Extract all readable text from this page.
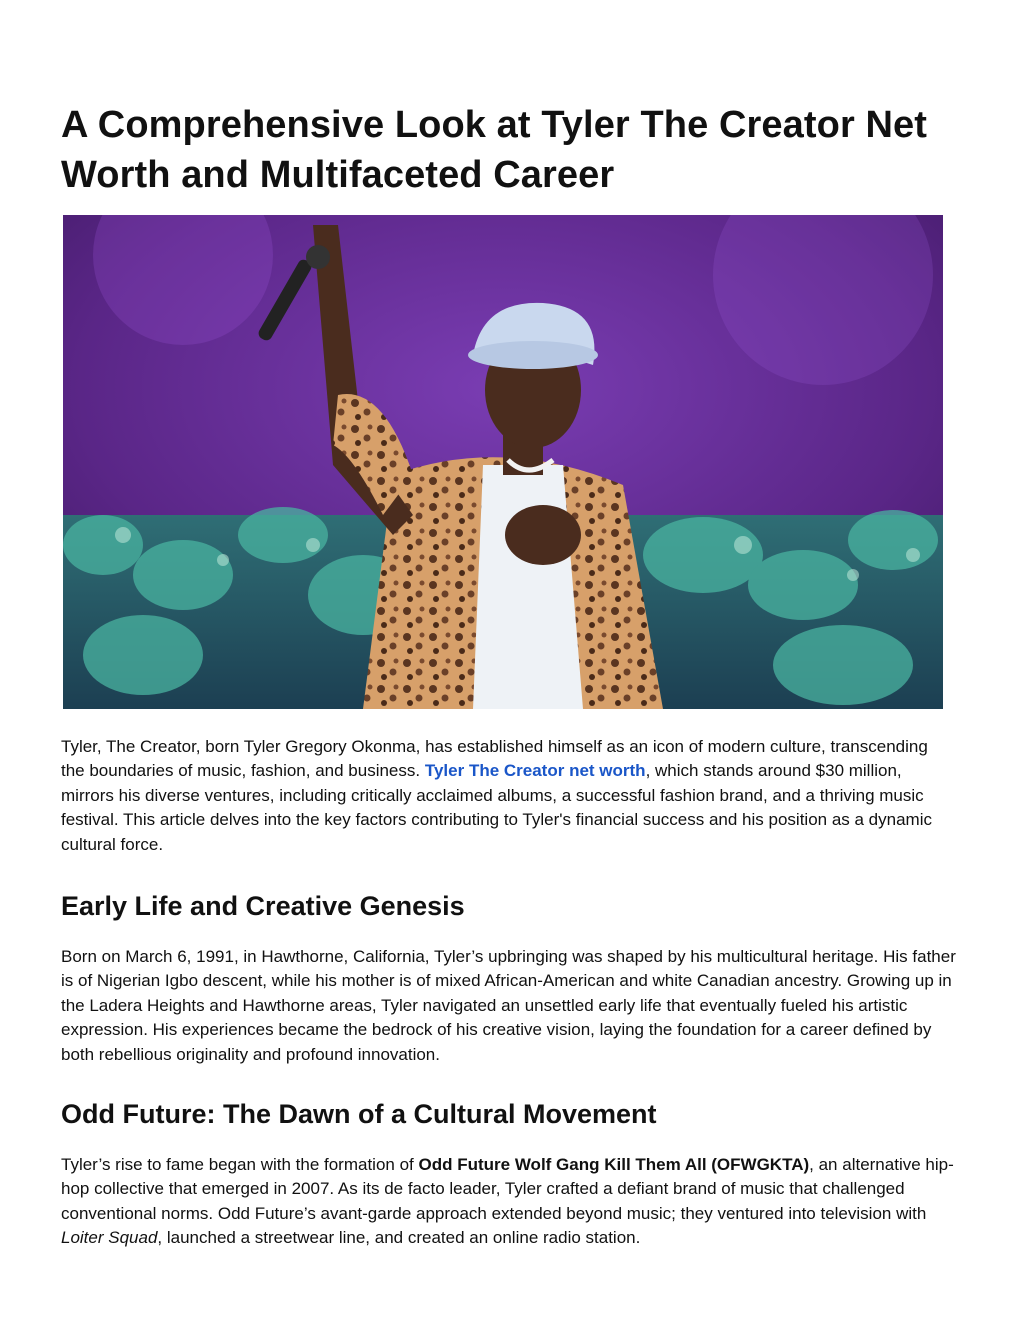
A Comprehensive Look at Tyler The Creator Net Worth and Multifaceted Career

Tyler, The Creator, born Tyler Gregory Okonma, has established himself as an icon of modern culture, transcending the boundaries of music, fashion, and business. Tyler The Creator net worth, which stands around $30 million, mirrors his diverse ventures, including critically acclaimed albums, a successful fashion brand, and a thriving music festival. This article delves into the key factors contributing to Tyler's financial success and his position as a dynamic cultural force.

Early Life and Creative Genesis

Born on March 6, 1991, in Hawthorne, California, Tyler’s upbringing was shaped by his multicultural heritage. His father is of Nigerian Igbo descent, while his mother is of mixed African-American and white Canadian ancestry. Growing up in the Ladera Heights and Hawthorne areas, Tyler navigated an unsettled early life that eventually fueled his artistic expression. His experiences became the bedrock of his creative vision, laying the foundation for a career defined by both rebellious originality and profound innovation.

Odd Future: The Dawn of a Cultural Movement

Tyler’s rise to fame began with the formation of Odd Future Wolf Gang Kill Them All (OFWGKTA), an alternative hip-hop collective that emerged in 2007. As its de facto leader, Tyler crafted a defiant brand of music that challenged conventional norms. Odd Future’s avant-garde approach extended beyond music; they ventured into television with Loiter Squad, launched a streetwear line, and created an online radio station.
